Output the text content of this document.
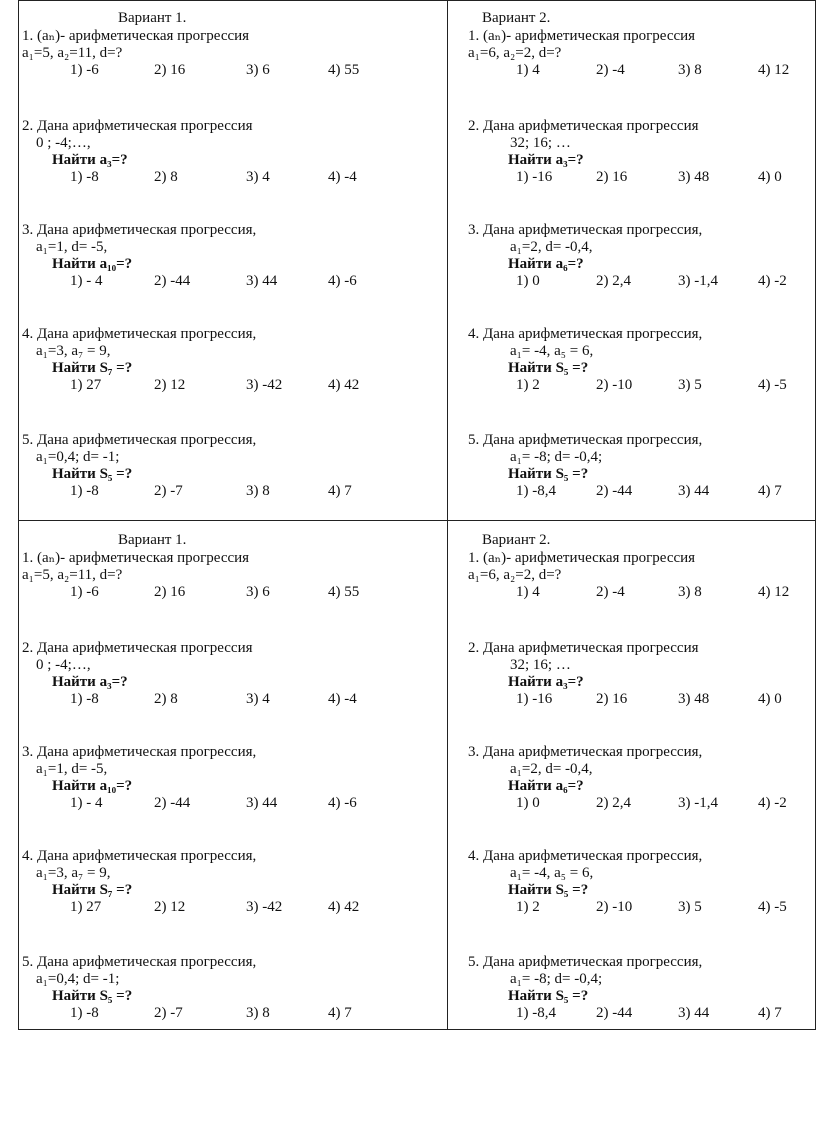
Вариант 1.
1. (aₙ)- арифметическая прогрессия
a₁=5, a₂=11, d=?
1) -6	2) 16	3) 6	4) 55
2. Дана арифметическая прогрессия
0 ; -4;…,
Найти a₃=?
1) -8	2) 8	3) 4	4) -4
3. Дана арифметическая прогрессия,
a₁=1, d= -5,
Найти a₁₀=?
1) - 4	2) -44	3) 44	4) -6
4. Дана арифметическая прогрессия,
a₁=3, a₇ = 9,
Найти S₇ =?
1) 27	2) 12	3) -42	4) 42
5. Дана арифметическая прогрессия,
a₁=0,4; d= -1;
Найти S₅ =?
1) -8	2) -7	3) 8	4) 7
Вариант 2.
1. (aₙ)- арифметическая прогрессия
a₁=6, a₂=2, d=?
1) 4	2) -4	3) 8	4) 12
2. Дана арифметическая прогрессия
32; 16; …
Найти a₃=?
1) -16	2) 16	3) 48	4) 0
3. Дана арифметическая прогрессия,
a₁=2, d= -0,4,
Найти a₆=?
1) 0	2) 2,4	3) -1,4	4) -2
4. Дана арифметическая прогрессия,
a₁= -4, a₅ = 6,
Найти S₅ =?
1) 2	2) -10	3) 5	4) -5
5. Дана арифметическая прогрессия,
a₁= -8; d= -0,4;
Найти S₅ =?
1) -8,4	2) -44	3) 44	4) 7
Вариант 1.
1. (aₙ)- арифметическая прогрессия
a₁=5, a₂=11, d=?
1) -6	2) 16	3) 6	4) 55
2. Дана арифметическая прогрессия
0 ; -4;…,
Найти a₃=?
1) -8	2) 8	3) 4	4) -4
3. Дана арифметическая прогрессия,
a₁=1, d= -5,
Найти a₁₀=?
1) - 4	2) -44	3) 44	4) -6
4. Дана арифметическая прогрессия,
a₁=3, a₇ = 9,
Найти S₇ =?
1) 27	2) 12	3) -42	4) 42
5. Дана арифметическая прогрессия,
a₁=0,4; d= -1;
Найти S₅ =?
1) -8	2) -7	3) 8	4) 7
Вариант 2.
1. (aₙ)- арифметическая прогрессия
a₁=6, a₂=2, d=?
1) 4	2) -4	3) 8	4) 12
2. Дана арифметическая прогрессия
32; 16; …
Найти a₃=?
1) -16	2) 16	3) 48	4) 0
3. Дана арифметическая прогрессия,
a₁=2, d= -0,4,
Найти a₆=?
1) 0	2) 2,4	3) -1,4	4) -2
4. Дана арифметическая прогрессия,
a₁= -4, a₅ = 6,
Найти S₅ =?
1) 2	2) -10	3) 5	4) -5
5. Дана арифметическая прогрессия,
a₁= -8; d= -0,4;
Найти S₅ =?
1) -8,4	2) -44	3) 44	4) 7
